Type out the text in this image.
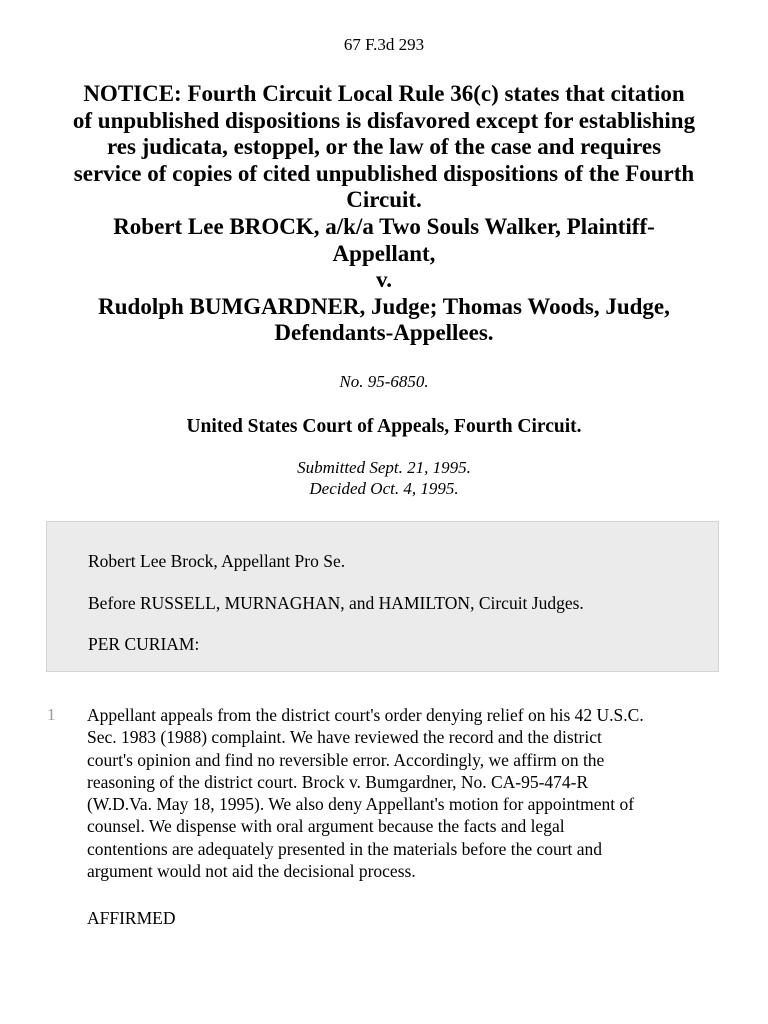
67 F.3d 293
NOTICE: Fourth Circuit Local Rule 36(c) states that citation
of unpublished dispositions is disfavored except for establishing
res judicata, estoppel, or the law of the case and requires
service of copies of cited unpublished dispositions of the Fourth
Circuit.
Robert Lee BROCK, a/k/a Two Souls Walker, Plaintiff-
Appellant,
v.
Rudolph BUMGARDNER, Judge; Thomas Woods, Judge,
Defendants-Appellees.
No. 95-6850.
United States Court of Appeals, Fourth Circuit.
Submitted Sept. 21, 1995.
Decided Oct. 4, 1995.
Robert Lee Brock, Appellant Pro Se.
Before RUSSELL, MURNAGHAN, and HAMILTON, Circuit Judges.
PER CURIAM:
1 Appellant appeals from the district court's order denying relief on his 42 U.S.C.
Sec. 1983 (1988) complaint. We have reviewed the record and the district
court's opinion and find no reversible error. Accordingly, we affirm on the
reasoning of the district court. Brock v. Bumgardner, No. CA-95-474-R
(W.D.Va. May 18, 1995). We also deny Appellant's motion for appointment of
counsel. We dispense with oral argument because the facts and legal
contentions are adequately presented in the materials before the court and
argument would not aid the decisional process.
AFFIRMED
